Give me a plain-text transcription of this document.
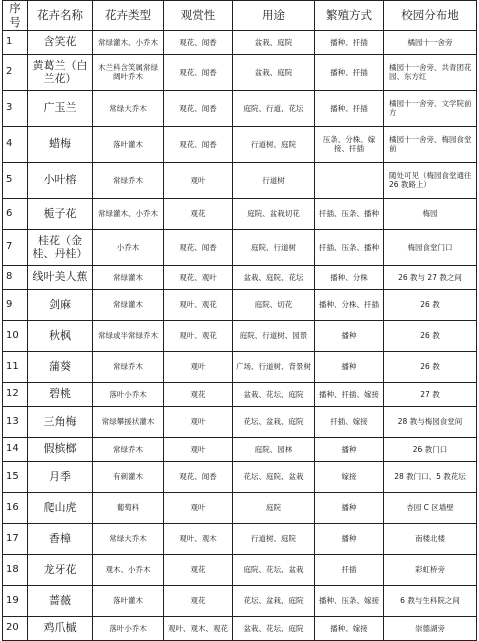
序号	花卉名称	花卉类型	观赏性	用途	繁殖方式	校园分布地
1	含笑花	常绿灌木、小乔木	观花、闻香	盆栽、庭院	播种、扦插	橘园十一舍旁
2	黄葛兰（白兰花）	木兰科含笑属常绿阔叶乔木	观花、闻香	盆栽、庭院	播种、扦插	橘园十一舍旁、共青团花园、东方红
3	广玉兰	常绿大乔木	观花、闻香	庭院、行道、花坛	播种、扦插	橘园十一舍旁、文学院前方
4	蜡梅	落叶灌木	观花、闻香	行道树、庭院	压条、分株、嫁接、扦插	橘园十一舍旁、梅园食堂前
5	小叶榕	常绿乔木	观叶	行道树		随处可见（梅园食堂通往 26 教路上）
6	栀子花	常绿灌木、小乔木	观花	庭院、盆栽切花	扦插、压条、播种	梅园
7	桂花（金桂、丹桂）	小乔木	观花、闻香	庭院、行道树	扦插、压条、播种	梅园食堂门口
8	线叶美人蕉	常绿灌木	观花、观叶	盆栽、庭院、花坛	播种、分株	26 教与 27 教之间
9	剑麻	常绿灌木	观叶、观花	庭院、切花	播种、分株、扦插	26 教
10	秋枫	常绿或半常绿乔木	观叶、观花	庭院、行道树、园景	播种	26 教
11	蒲葵	常绿乔木	观叶	广场、行道树、背景树	播种	26 教
12	碧桃	落叶小乔木	观花	盆栽、花坛、庭院	播种、扦插、嫁接	27 教
13	三角梅	常绿攀援状灌木	观叶	花坛、盆栽、庭院	扦插、嫁接	28 教与梅园食堂间
14	假槟榔	常绿乔木	观叶	庭院、园林	播种	26 教门口
15	月季	有刺灌木	观花、闻香	花坛、庭院、盆栽	嫁接	28 教门口、5 教花坛
16	爬山虎	葡萄科	观叶	庭院	播种	杏园 C 区墙壁
17	香樟	常绿大乔木	观叶、观木	行道树、庭院	播种	南楼北楼
18	龙牙花	观木、小乔木	观花	庭院、花坛、盆栽	扦插	彩虹桥旁
19	蔷薇	落叶灌木	观花	花坛、盆栽、庭院	播种、压条、嫁接	6 教与生科院之间
20	鸡爪槭	落叶小乔木	观叶、观木、观花	盆栽、花坛、庭院	播种、嫁接	崇德湖旁
